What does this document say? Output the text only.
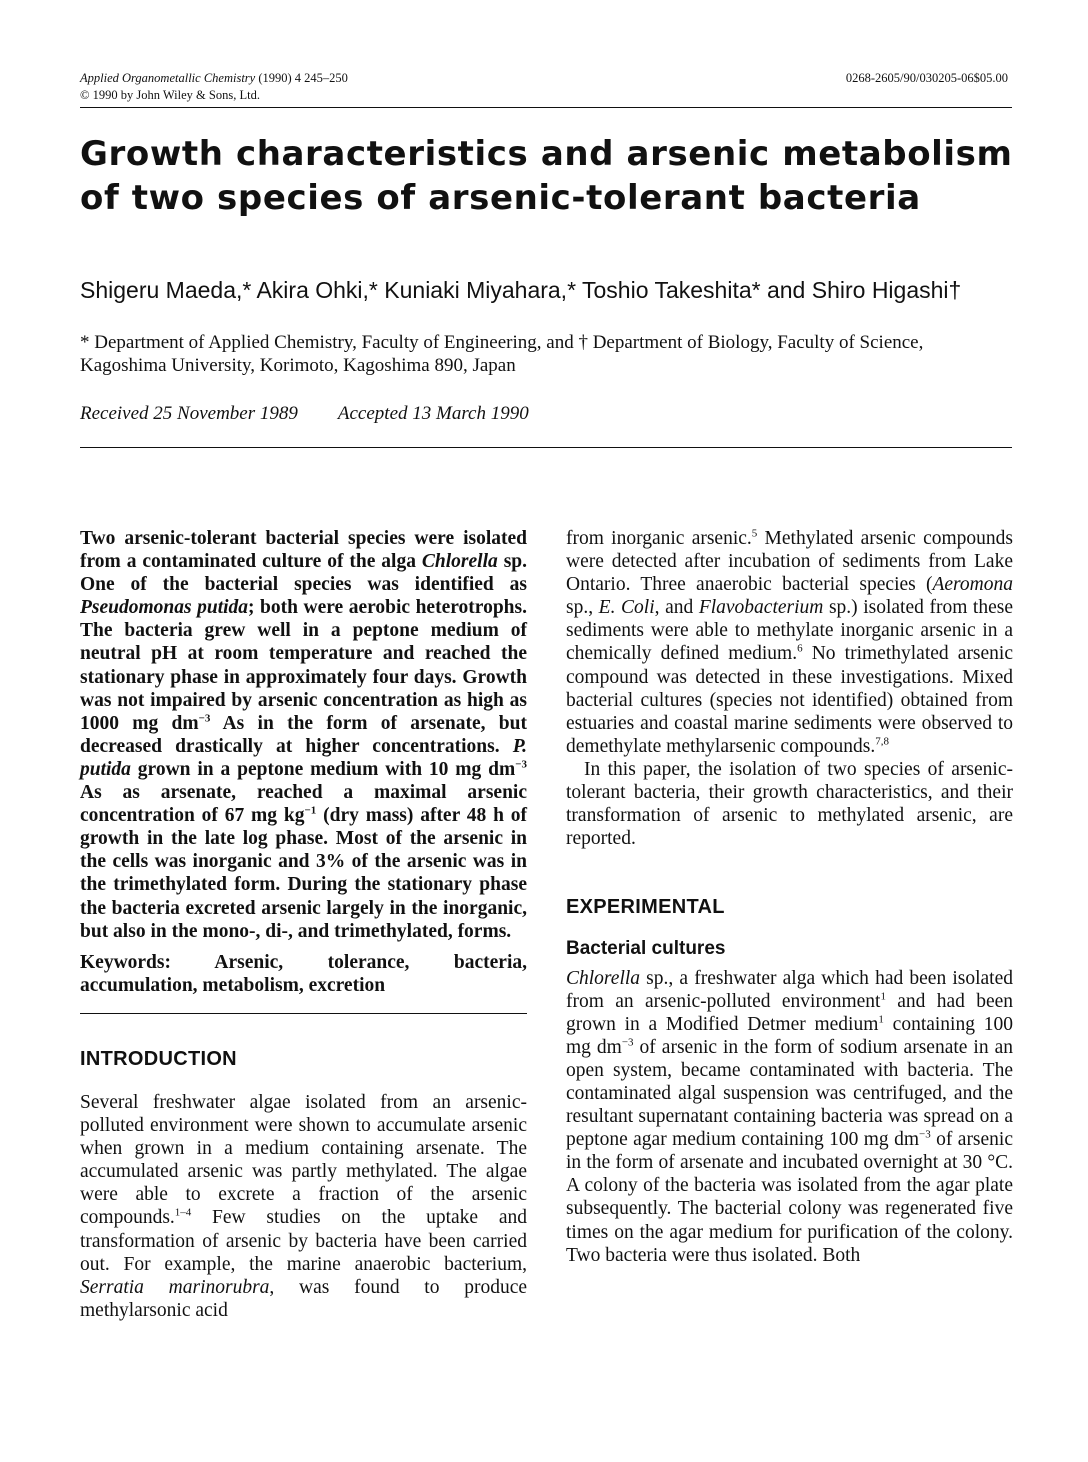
Applied Organometallic Chemistry (1990) 4 245–250
© 1990 by John Wiley & Sons, Ltd.
0268-2605/90/030205-06$05.00
Growth characteristics and arsenic metabolism of two species of arsenic-tolerant bacteria
Shigeru Maeda,* Akira Ohki,* Kuniaki Miyahara,* Toshio Takeshita* and Shiro Higashi†
* Department of Applied Chemistry, Faculty of Engineering, and † Department of Biology, Faculty of Science, Kagoshima University, Korimoto, Kagoshima 890, Japan
Received 25 November 1989 Accepted 13 March 1990

Two arsenic-tolerant bacterial species were isolated from a contaminated culture of the alga Chlorella sp. One of the bacterial species was identified as Pseudomonas putida; both were aerobic heterotrophs. The bacteria grew well in a peptone medium of neutral pH at room temperature and reached the stationary phase in approximately four days. Growth was not impaired by arsenic concentration as high as 1000 mg $dm^{-3}$ As in the form of arsenate, but decreased drastically at higher concentrations. P. putida grown in a peptone medium with 10 mg $dm^{-3}$ As as arsenate, reached a maximal arsenic concentration of 67 mg $kg^{-1}$ (dry mass) after 48 h of growth in the late log phase. Most of the arsenic in the cells was inorganic and 3% of the arsenic was in the trimethylated form. During the stationary phase the bacteria excreted arsenic largely in the inorganic, but also in the mono-, di-, and trimethylated, forms.

Keywords: Arsenic, tolerance, bacteria, accumulation, metabolism, excretion

INTRODUCTION

Several freshwater algae isolated from an arsenic-polluted environment were shown to accumulate arsenic when grown in a medium containing arsenate. The accumulated arsenic was partly methylated. The algae were able to excrete a fraction of the arsenic compounds.$^{1-4}$ Few studies on the uptake and transformation of arsenic by bacteria have been carried out. For example, the marine anaerobic bacterium, Serratia marinorubra, was found to produce methylarsonic acid

from inorganic arsenic.$^5$ Methylated arsenic compounds were detected after incubation of sediments from Lake Ontario. Three anaerobic bacterial species (Aeromona sp., E. Coli, and Flavobacterium sp.) isolated from these sediments were able to methylate inorganic arsenic in a chemically defined medium.$^6$ No trimethylated arsenic compound was detected in these investigations. Mixed bacterial cultures (species not identified) obtained from estuaries and coastal marine sediments were observed to demethylate methylarsenic compounds.$^{7,8}$

In this paper, the isolation of two species of arsenic-tolerant bacteria, their growth characteristics, and their transformation of arsenic to methylated arsenic, are reported.

EXPERIMENTAL
Bacterial cultures

Chlorella sp., a freshwater alga which had been isolated from an arsenic-polluted environment$^1$ and had been grown in a Modified Detmer medium$^1$ containing 100 mg $dm^{-3}$ of arsenic in the form of sodium arsenate in an open system, became contaminated with bacteria. The contaminated algal suspension was centrifuged, and the resultant supernatant containing bacteria was spread on a peptone agar medium containing 100 mg $dm^{-3}$ of arsenic in the form of arsenate and incubated overnight at 30 °C. A colony of the bacteria was isolated from the agar plate subsequently. The bacterial colony was regenerated five times on the agar medium for purification of the colony. Two bacteria were thus isolated. Both
